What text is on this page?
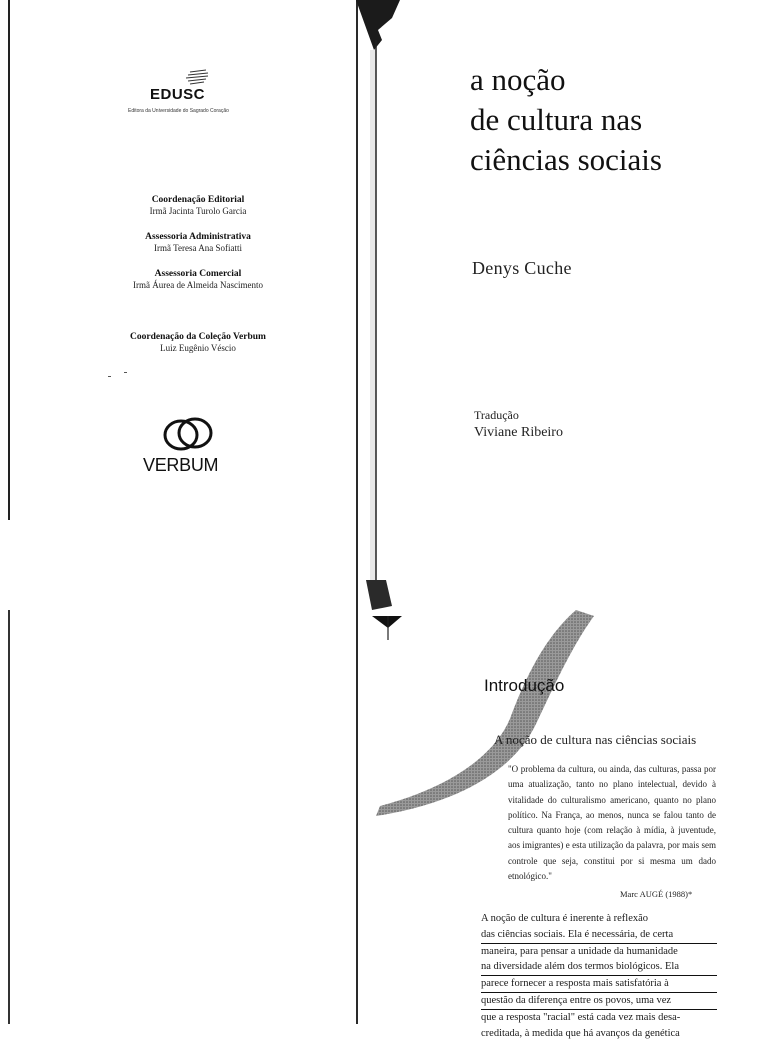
EDUSC
Editora da Universidade do Sagrado Coração
Coordenação Editorial
Irmã Jacinta Turolo Garcia
Assessoria Administrativa
Irmã Teresa Ana Sofiatti
Assessoria Comercial
Irmã Áurea de Almeida Nascimento
Coordenação da Coleção Verbum
Luiz Eugênio Véscio
VERBUM
a noção
de cultura nas
ciências sociais
Denys Cuche
Tradução
Viviane Ribeiro
Introdução
A noção de cultura nas ciências sociais
"O problema da cultura, ou ainda, das culturas, passa por uma atualização, tanto no plano intelectual, devido à vitalidade do culturalismo americano, quanto no plano político. Na França, ao menos, nunca se falou tanto de cultura quanto hoje (com relação à mídia, à juventude, aos imigrantes) e esta utilização da palavra, por mais sem controle que seja, constitui por si mesma um dado etnológico."
Marc AUGÉ (1988)*
A noção de cultura é inerente à reflexão
das ciências sociais. Ela é necessária, de certa
maneira, para pensar a unidade da humanidade
na diversidade além dos termos biológicos. Ela
parece fornecer a resposta mais satisfatória à
questão da diferença entre os povos, uma vez
que a resposta "racial" está cada vez mais desa-
creditada, à medida que há avanços da genética
